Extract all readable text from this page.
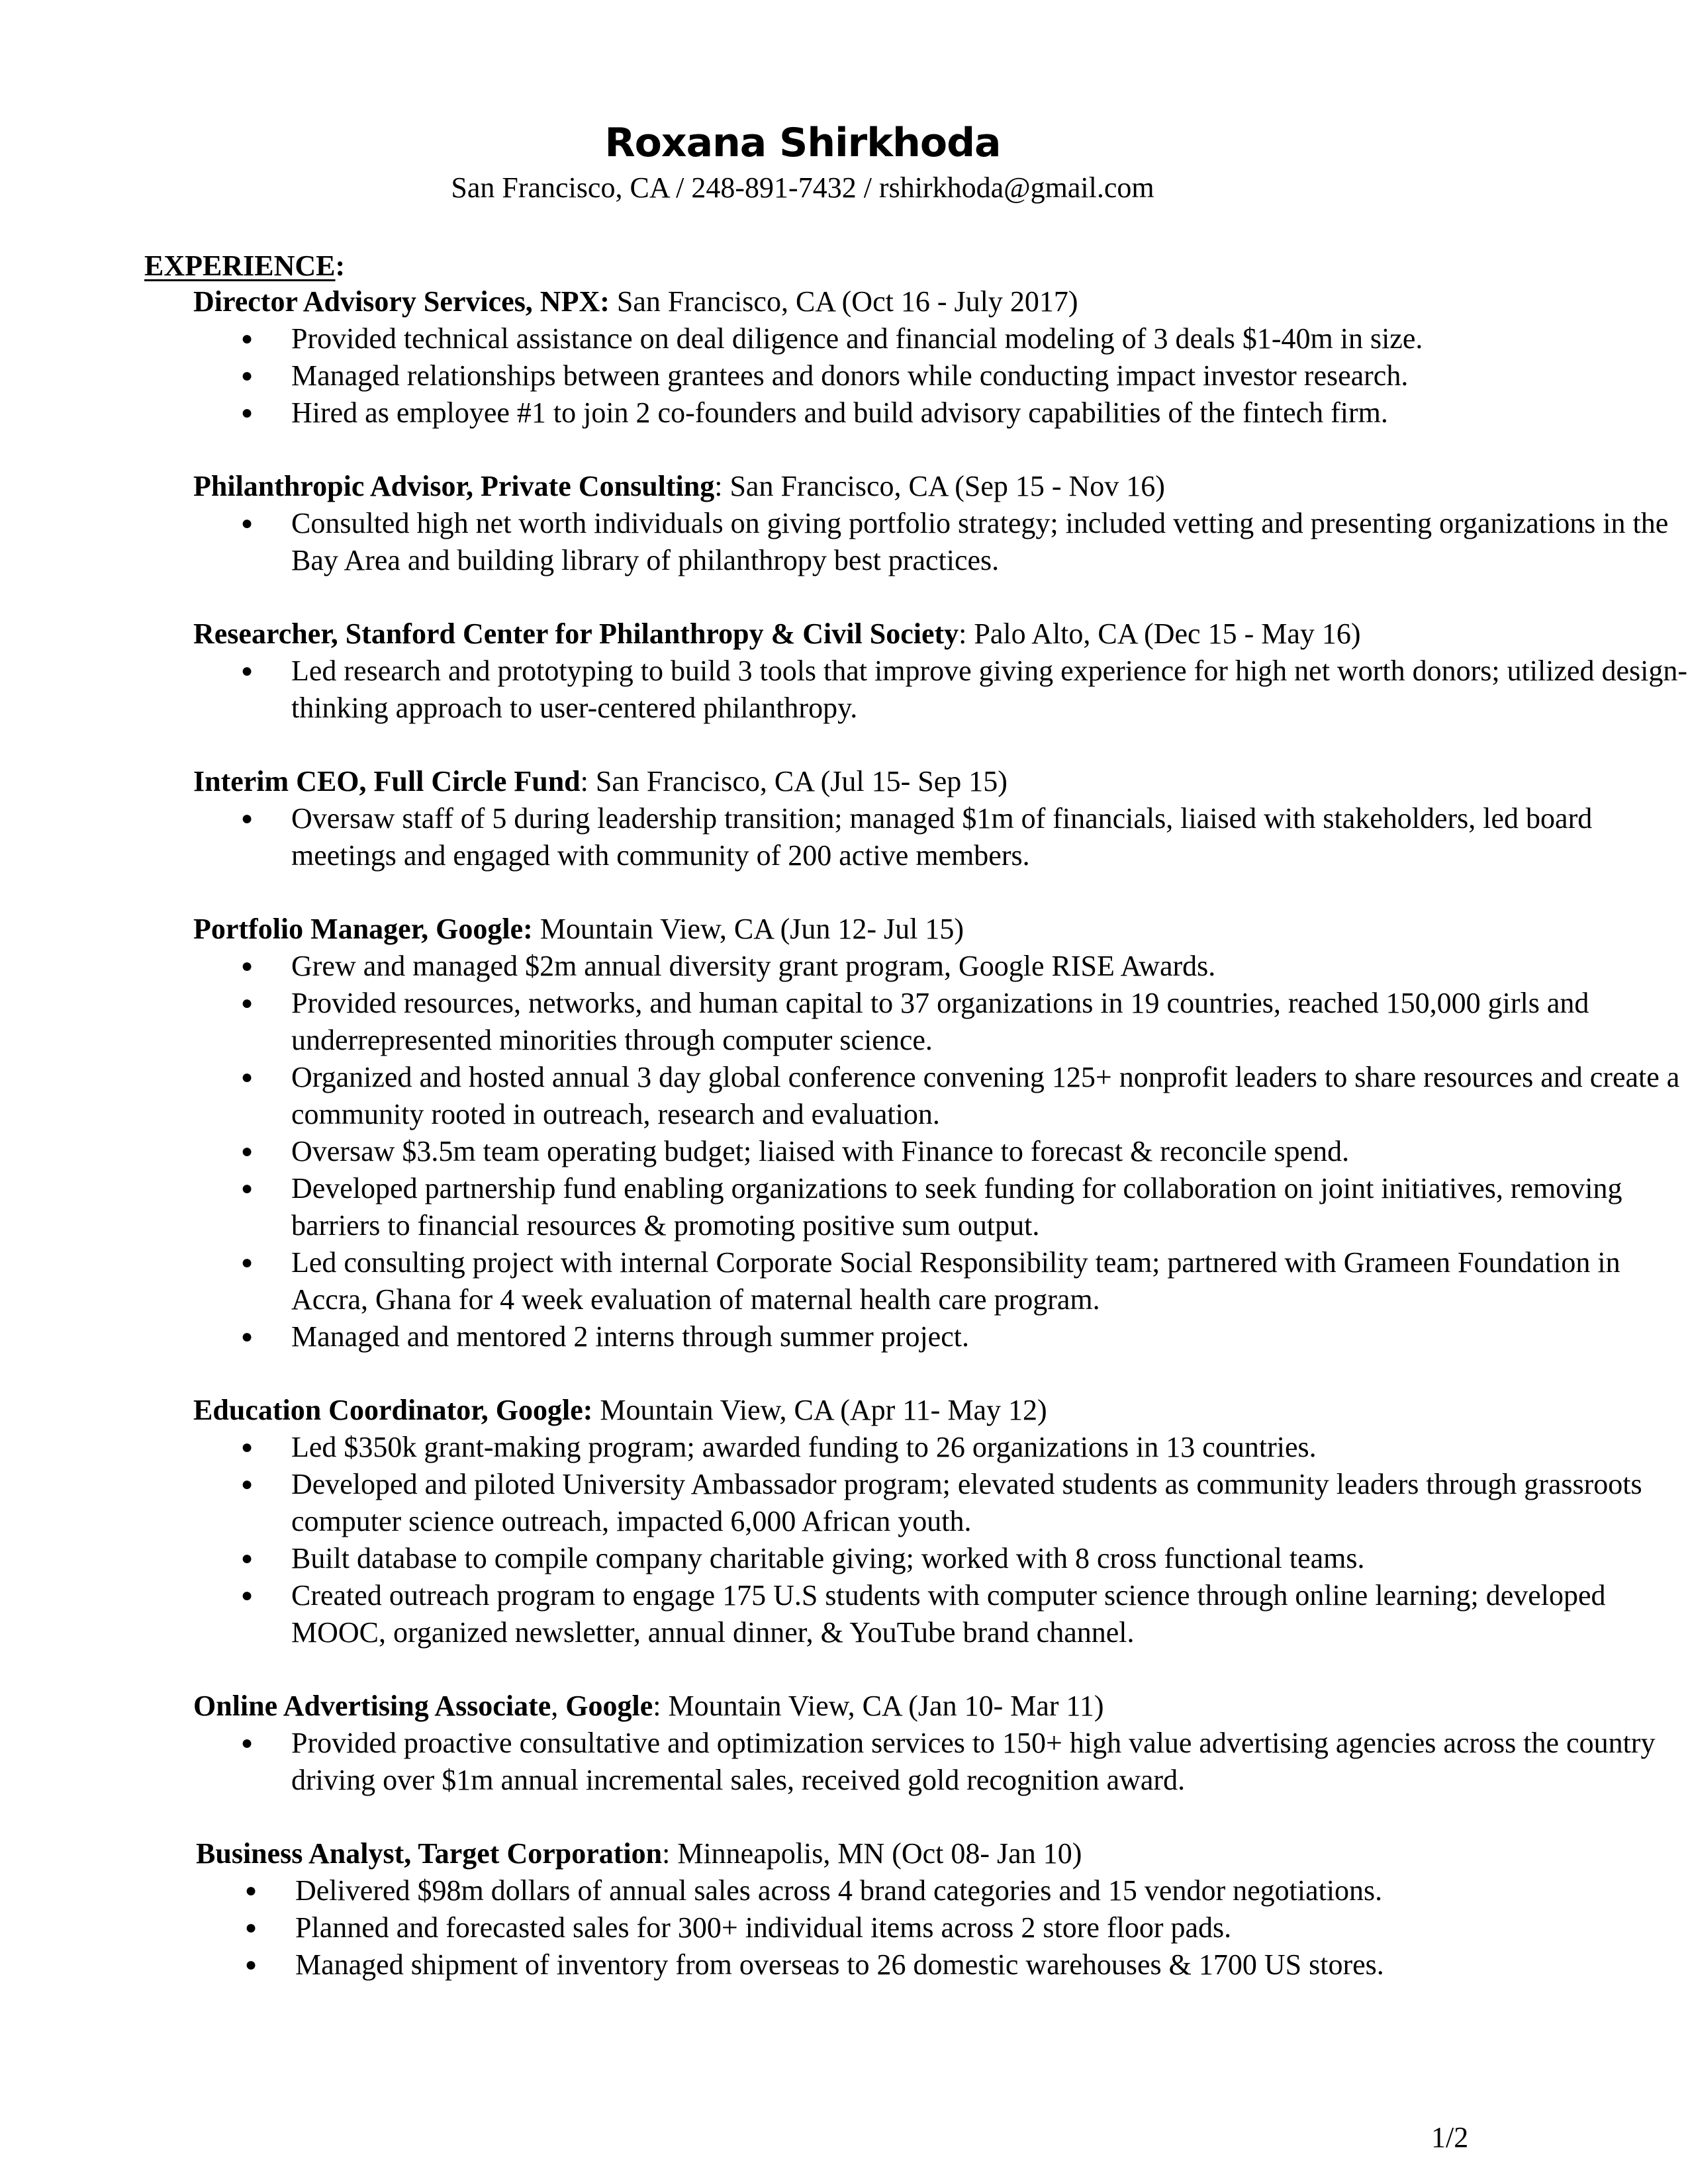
Roxana Shirkhoda
San Francisco, CA / 248-891-7432 / rshirkhoda@gmail.com
EXPERIENCE:
Director Advisory Services, NPX: San Francisco, CA (Oct 16 - July 2017)
● Provided technical assistance on deal diligence and financial modeling of 3 deals $1-40m in size.
● Managed relationships between grantees and donors while conducting impact investor research.
● Hired as employee #1 to join 2 co-founders and build advisory capabilities of the fintech firm.
Philanthropic Advisor, Private Consulting: San Francisco, CA (Sep 15 - Nov 16)
● Consulted high net worth individuals on giving portfolio strategy; included vetting and presenting organizations in the Bay Area and building library of philanthropy best practices.
Researcher, Stanford Center for Philanthropy & Civil Society: Palo Alto, CA (Dec 15 - May 16)
● Led research and prototyping to build 3 tools that improve giving experience for high net worth donors; utilized design-thinking approach to user-centered philanthropy.
Interim CEO, Full Circle Fund: San Francisco, CA (Jul 15- Sep 15)
● Oversaw staff of 5 during leadership transition; managed $1m of financials, liaised with stakeholders, led board meetings and engaged with community of 200 active members.
Portfolio Manager, Google: Mountain View, CA (Jun 12- Jul 15)
● Grew and managed $2m annual diversity grant program, Google RISE Awards.
● Provided resources, networks, and human capital to 37 organizations in 19 countries, reached 150,000 girls and underrepresented minorities through computer science.
● Organized and hosted annual 3 day global conference convening 125+ nonprofit leaders to share resources and create a community rooted in outreach, research and evaluation.
● Oversaw $3.5m team operating budget; liaised with Finance to forecast & reconcile spend.
● Developed partnership fund enabling organizations to seek funding for collaboration on joint initiatives, removing barriers to financial resources & promoting positive sum output.
● Led consulting project with internal Corporate Social Responsibility team; partnered with Grameen Foundation in Accra, Ghana for 4 week evaluation of maternal health care program.
● Managed and mentored 2 interns through summer project.
Education Coordinator, Google: Mountain View, CA (Apr 11- May 12)
● Led $350k grant-making program; awarded funding to 26 organizations in 13 countries.
● Developed and piloted University Ambassador program; elevated students as community leaders through grassroots computer science outreach, impacted 6,000 African youth.
● Built database to compile company charitable giving; worked with 8 cross functional teams.
● Created outreach program to engage 175 U.S students with computer science through online learning; developed MOOC, organized newsletter, annual dinner, & YouTube brand channel.
Online Advertising Associate, Google: Mountain View, CA (Jan 10- Mar 11)
● Provided proactive consultative and optimization services to 150+ high value advertising agencies across the country driving over $1m annual incremental sales, received gold recognition award.
Business Analyst, Target Corporation: Minneapolis, MN (Oct 08- Jan 10)
● Delivered $98m dollars of annual sales across 4 brand categories and 15 vendor negotiations.
● Planned and forecasted sales for 300+ individual items across 2 store floor pads.
● Managed shipment of inventory from overseas to 26 domestic warehouses & 1700 US stores.
1/2
